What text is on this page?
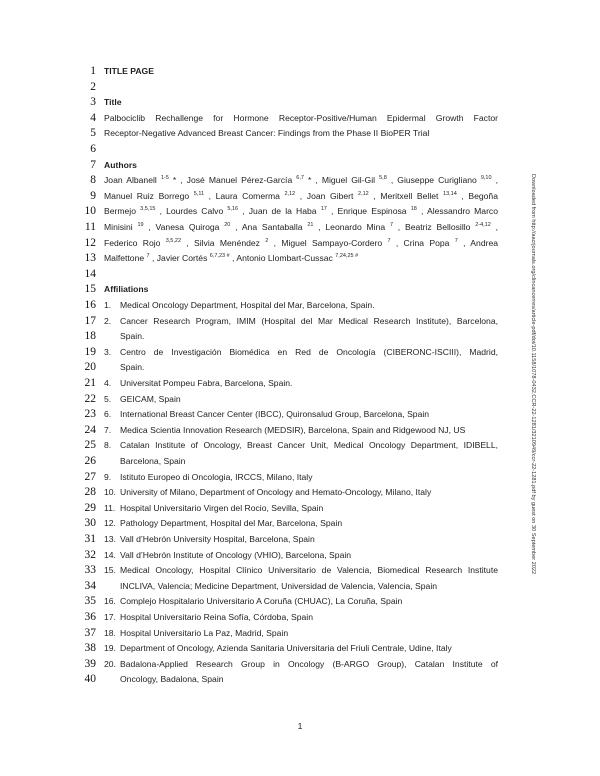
1
2
3
4
5
6
7
8
9
10
11
12
13
14
15
16
17
18
19
20
21
22
23
24
25
26
27
28
29
30
31
32
33
34
35
36
37
38
39
40
TITLE PAGE
Title
Palbociclib Rechallenge for Hormone Receptor-Positive/Human Epidermal Growth Factor
Receptor-Negative Advanced Breast Cancer: Findings from the Phase II BioPER Trial
Authors
Joan Albanell $^{1-5}$ * , José Manuel Pérez-García $^{6,7}$ * , Miguel Gil-Gil $^{5,8}$ , Giuseppe Curigliano $^{9,10}$ ,
Manuel Ruiz Borrego $^{5,11}$ , Laura Comerma $^{2,12}$ , Joan Gibert $^{2,12}$ , Meritxell Bellet $^{13,14}$ , Begoña
Bermejo $^{3,5,15}$ , Lourdes Calvo $^{5,16}$ , Juan de la Haba $^{17}$ , Enrique Espinosa $^{18}$ , Alessandro Marco
Minisini $^{19}$ , Vanesa Quiroga $^{20}$ , Ana Santaballa $^{21}$ , Leonardo Mina $^7$ , Beatriz Bellosillo $^{2-4,12}$ ,
Federico Rojo $^{3,5,22}$ , Silvia Menéndez $^2$ , Miguel Sampayo-Cordero $^7$ , Crina Popa $^7$ , Andrea
Malfettone $^7$ , Javier Cortés $^{6,7,23 \#}$ , Antonio Llombart-Cussac $^{7,24,25 \#}$
Affiliations
1. Medical Oncology Department, Hospital del Mar, Barcelona, Spain.
2. Cancer Research Program, IMIM (Hospital del Mar Medical Research Institute), Barcelona,
Spain.
3. Centro de Investigación Biomédica en Red de Oncología (CIBERONC-ISCIII), Madrid,
Spain.
4. Universitat Pompeu Fabra, Barcelona, Spain.
5. GEICAM, Spain
6. International Breast Cancer Center (IBCC), Quironsalud Group, Barcelona, Spain
7. Medica Scientia Innovation Research (MEDSIR), Barcelona, Spain and Ridgewood NJ, US
8. Catalan Institute of Oncology, Breast Cancer Unit, Medical Oncology Department, IDIBELL,
Barcelona, Spain
9. Istituto Europeo di Oncologia, IRCCS, Milano, Italy
10. University of Milano, Department of Oncology and Hemato-Oncology, Milano, Italy
11. Hospital Universitario Virgen del Rocio, Sevilla, Spain
12. Pathology Department, Hospital del Mar, Barcelona, Spain
13. Vall d’Hebrón University Hospital, Barcelona, Spain
14. Vall d’Hebrón Institute of Oncology (VHIO), Barcelona, Spain
15. Medical Oncology, Hospital Clínico Universitario de Valencia, Biomedical Research Institute
INCLIVA, Valencia; Medicine Department, Universidad de Valencia, Valencia, Spain
16. Complejo Hospitalario Universitario A Coruña (CHUAC), La Coruña, Spain
17. Hospital Universitario Reina Sofía, Córdoba, Spain
18. Hospital Universitario La Paz, Madrid, Spain
19. Department of Oncology, Azienda Sanitaria Universitaria del Friuli Centrale, Udine, Italy
20. Badalona-Applied Research Group in Oncology (B-ARGO Group), Catalan Institute of
Oncology, Badalona, Spain
Downloaded from http://aacrjournals.org/clincancerres/article-pdf/doi/10.1158/1078-0432.CCR-22-1281/3210949/ccr-22-1281.pdf by guest on 30 September 2022
1
